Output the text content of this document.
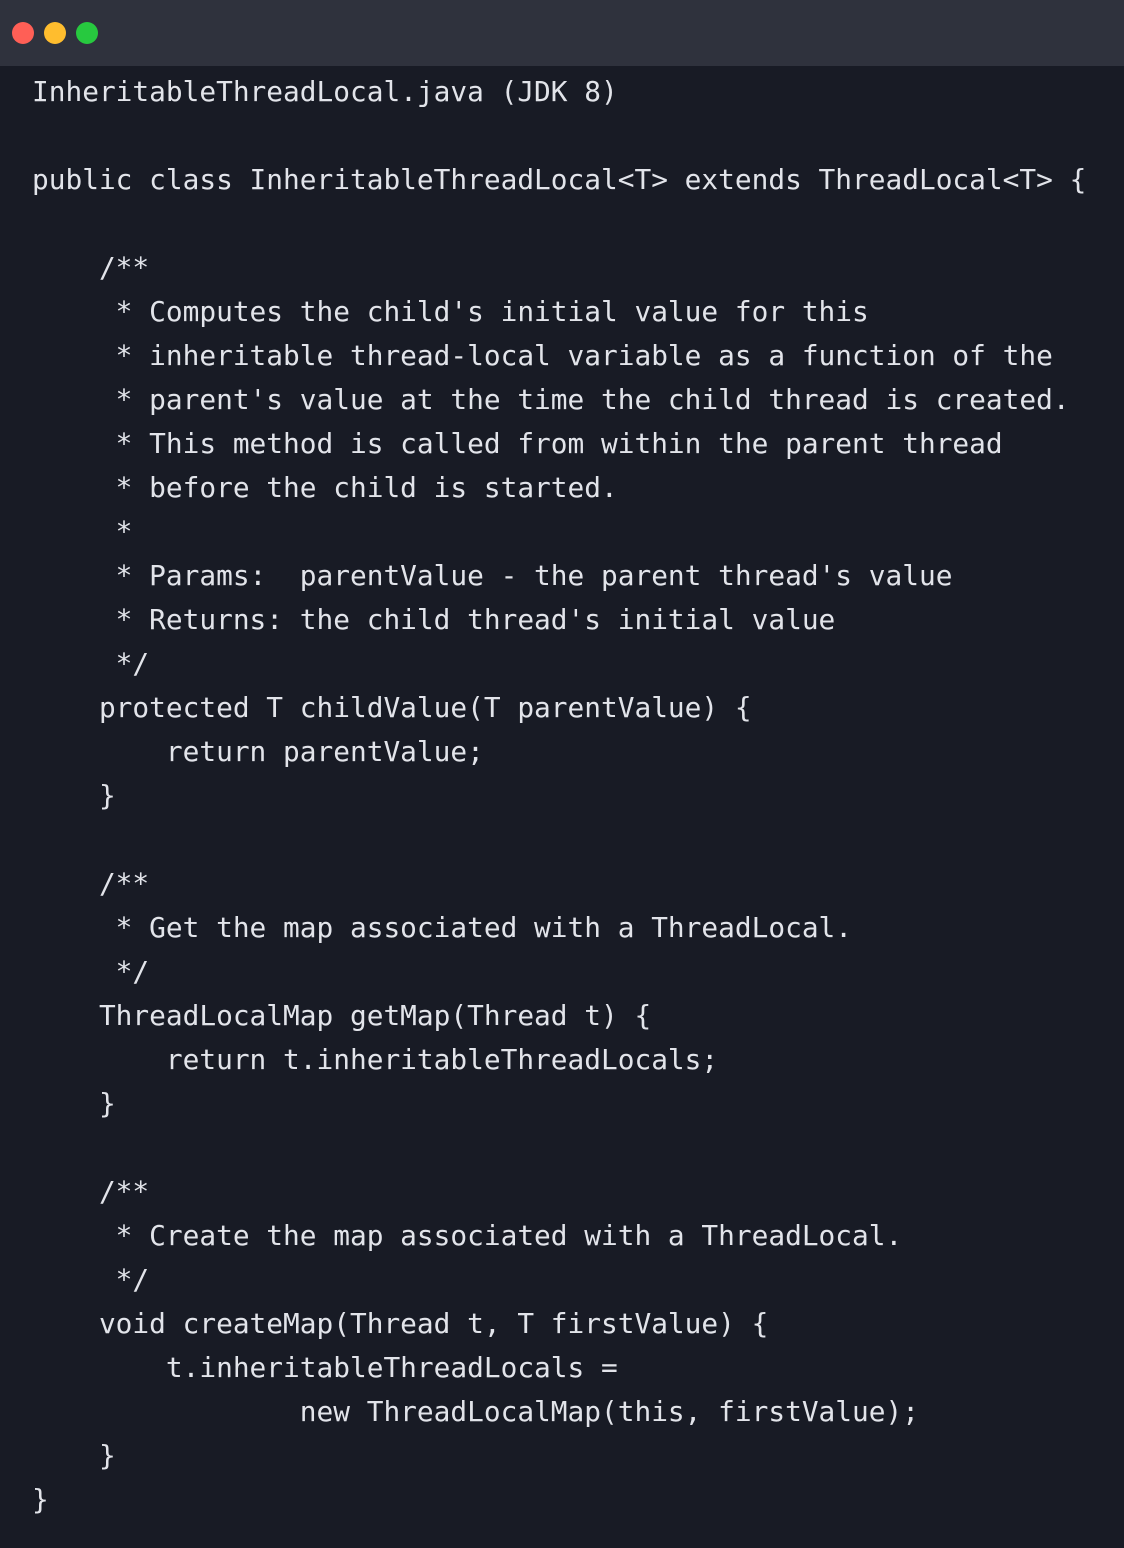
InheritableThreadLocal.java (JDK 8)
public class InheritableThreadLocal<T> extends ThreadLocal<T> {
/**
* Computes the child's initial value for this
* inheritable thread-local variable as a function of the
* parent's value at the time the child thread is created.
* This method is called from within the parent thread
* before the child is started.
*
* Params:  parentValue - the parent thread's value
* Returns: the child thread's initial value
*/
protected T childValue(T parentValue) {
return parentValue;
}
/**
* Get the map associated with a ThreadLocal.
*/
ThreadLocalMap getMap(Thread t) {
return t.inheritableThreadLocals;
}
/**
* Create the map associated with a ThreadLocal.
*/
void createMap(Thread t, T firstValue) {
t.inheritableThreadLocals =
new ThreadLocalMap(this, firstValue);
}
}
